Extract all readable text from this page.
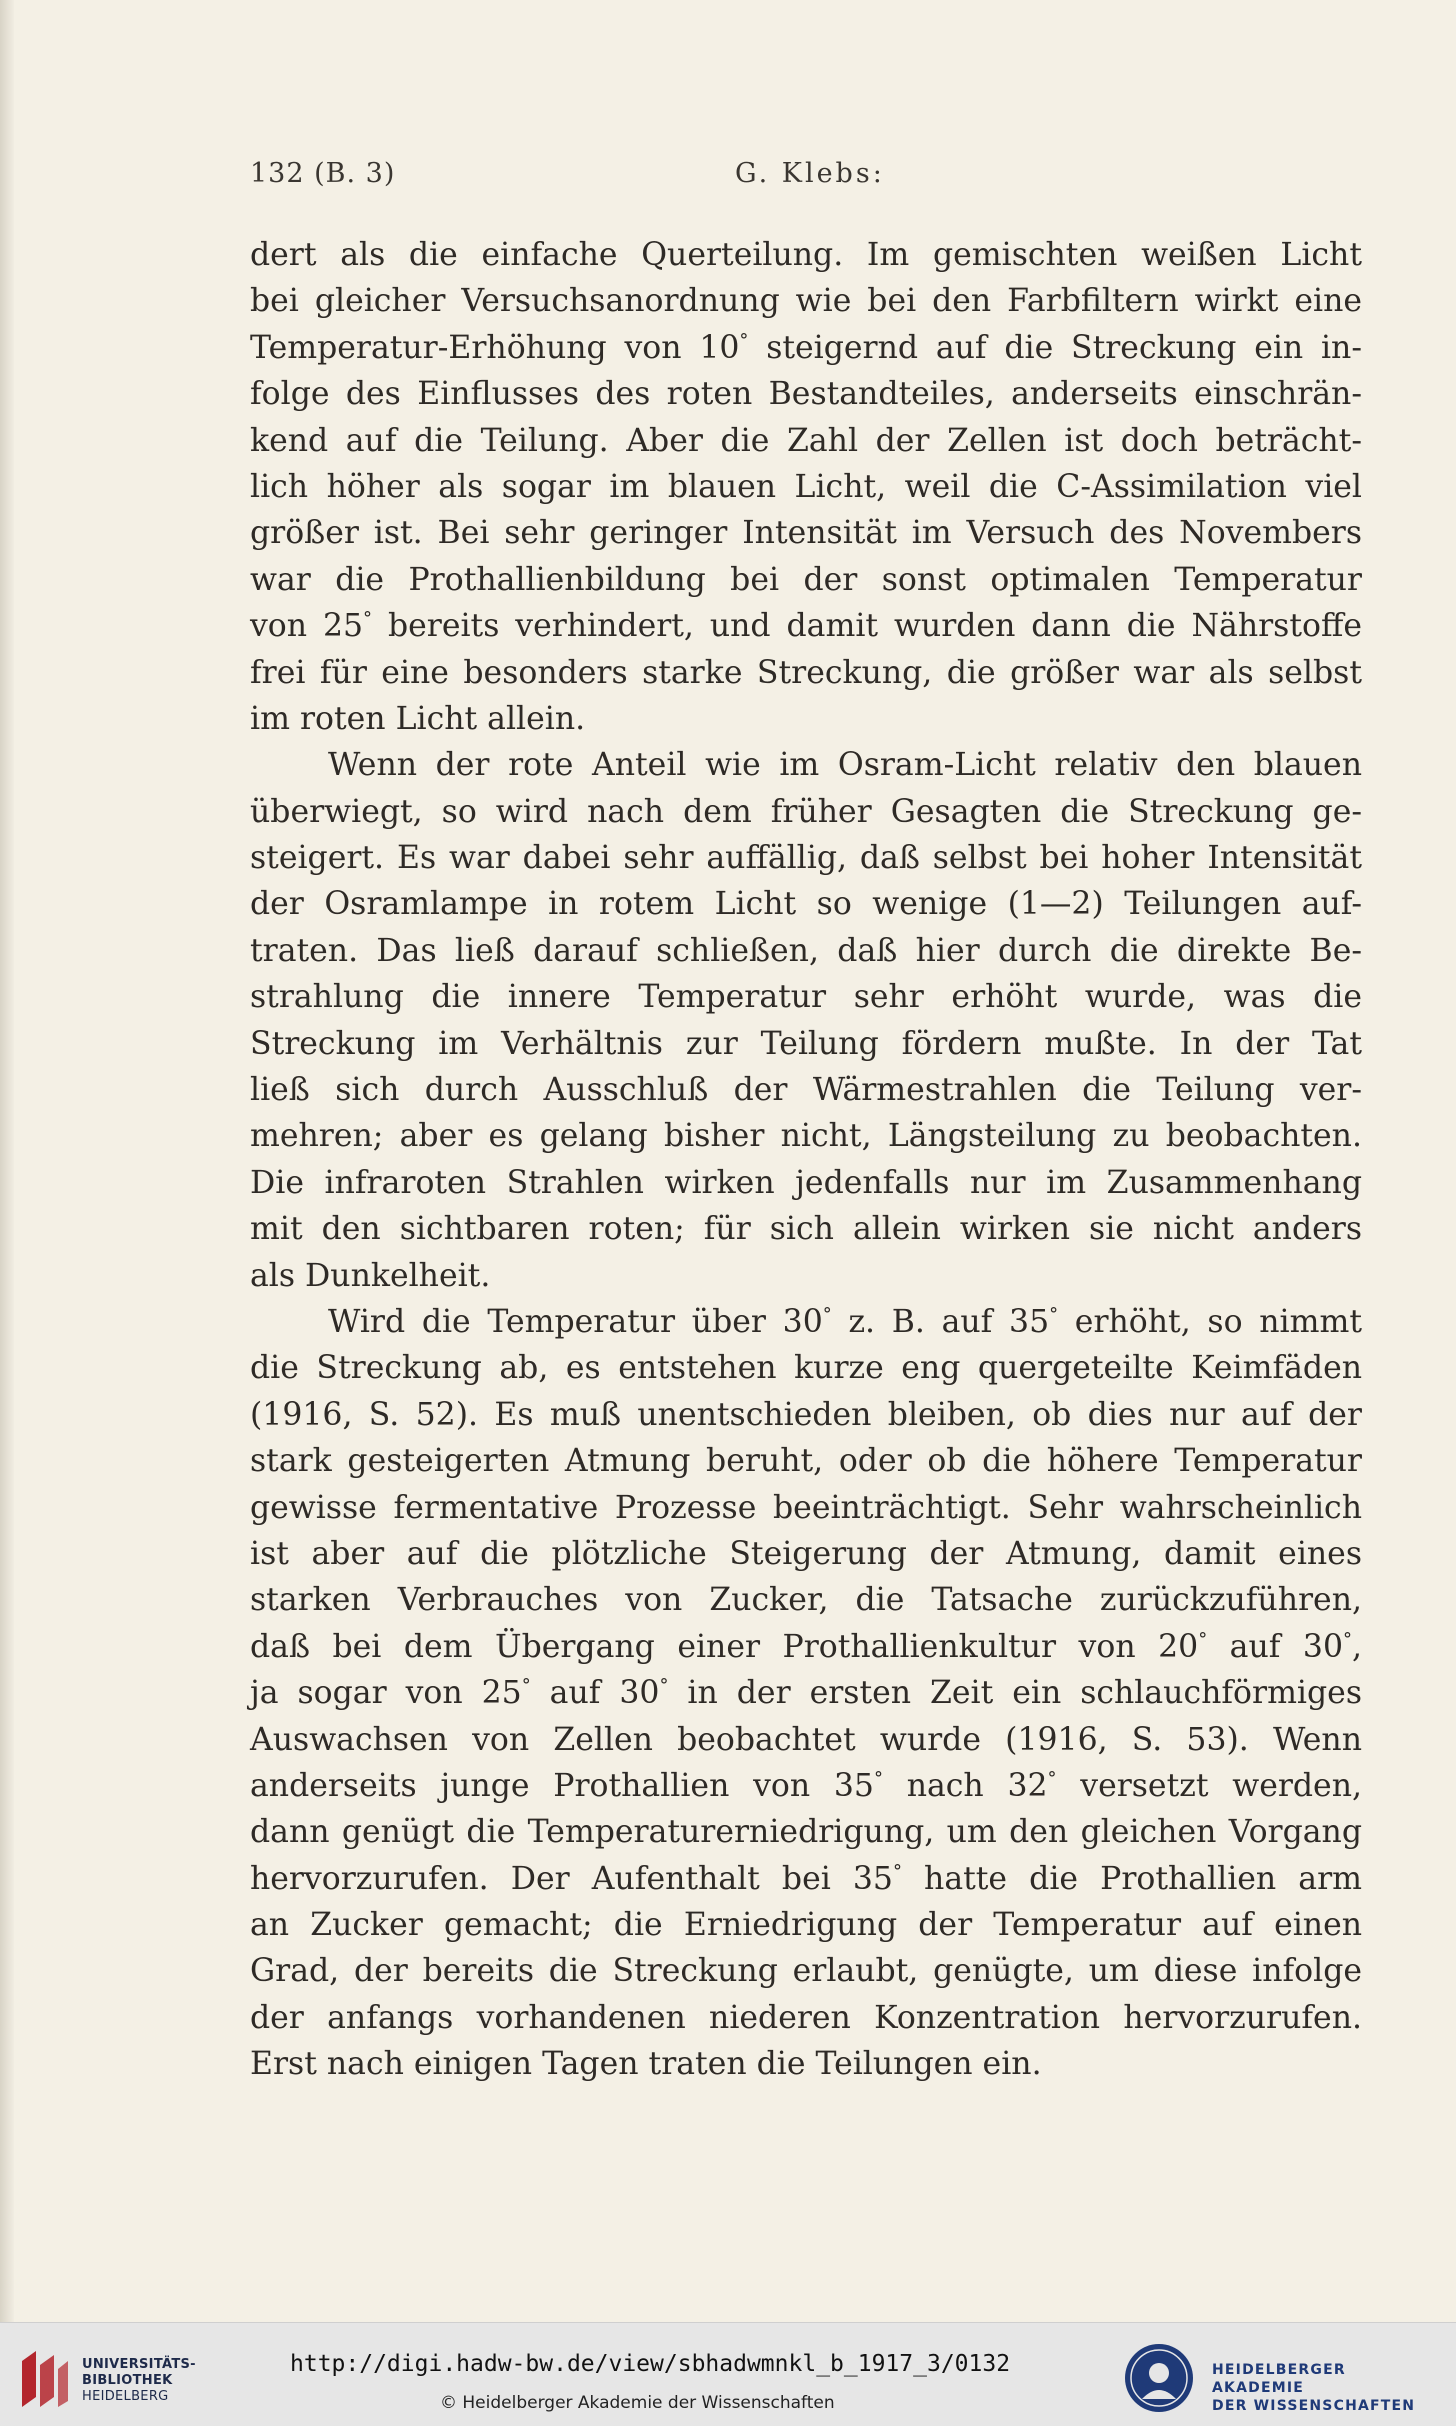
132 (B. 3)	G. Klebs:
dert als die einfache Querteilung. Im gemischten weißen Licht
bei gleicher Versuchsanordnung wie bei den Farbfiltern wirkt eine
Temperatur-Erhöhung von 10° steigernd auf die Streckung ein in-
folge des Einflusses des roten Bestandteiles, anderseits einschrän-
kend auf die Teilung. Aber die Zahl der Zellen ist doch beträcht-
lich höher als sogar im blauen Licht, weil die C-Assimilation viel
größer ist. Bei sehr geringer Intensität im Versuch des Novembers
war die Prothallienbildung bei der sonst optimalen Temperatur
von 25° bereits verhindert, und damit wurden dann die Nährstoffe
frei für eine besonders starke Streckung, die größer war als selbst
im roten Licht allein.
Wenn der rote Anteil wie im Osram-Licht relativ den blauen
überwiegt, so wird nach dem früher Gesagten die Streckung ge-
steigert. Es war dabei sehr auffällig, daß selbst bei hoher Intensität
der Osramlampe in rotem Licht so wenige (1—2) Teilungen auf-
traten. Das ließ darauf schließen, daß hier durch die direkte Be-
strahlung die innere Temperatur sehr erhöht wurde, was die
Streckung im Verhältnis zur Teilung fördern mußte. In der Tat
ließ sich durch Ausschluß der Wärmestrahlen die Teilung ver-
mehren; aber es gelang bisher nicht, Längsteilung zu beobachten.
Die infraroten Strahlen wirken jedenfalls nur im Zusammenhang
mit den sichtbaren roten; für sich allein wirken sie nicht anders
als Dunkelheit.
Wird die Temperatur über 30° z. B. auf 35° erhöht, so nimmt
die Streckung ab, es entstehen kurze eng quergeteilte Keimfäden
(1916, S. 52). Es muß unentschieden bleiben, ob dies nur auf der
stark gesteigerten Atmung beruht, oder ob die höhere Temperatur
gewisse fermentative Prozesse beeinträchtigt. Sehr wahrscheinlich
ist aber auf die plötzliche Steigerung der Atmung, damit eines
starken Verbrauches von Zucker, die Tatsache zurückzuführen,
daß bei dem Übergang einer Prothallienkultur von 20° auf 30°,
ja sogar von 25° auf 30° in der ersten Zeit ein schlauchförmiges
Auswachsen von Zellen beobachtet wurde (1916, S. 53). Wenn
anderseits junge Prothallien von 35° nach 32° versetzt werden,
dann genügt die Temperaturerniedrigung, um den gleichen Vorgang
hervorzurufen. Der Aufenthalt bei 35° hatte die Prothallien arm
an Zucker gemacht; die Erniedrigung der Temperatur auf einen
Grad, der bereits die Streckung erlaubt, genügte, um diese infolge
der anfangs vorhandenen niederen Konzentration hervorzurufen.
Erst nach einigen Tagen traten die Teilungen ein.
UNIVERSITÄTS-
BIBLIOTHEK
HEIDELBERG
http://digi.hadw-bw.de/view/sbhadwmnkl_b_1917_3/0132
© Heidelberger Akademie der Wissenschaften
HEIDELBERGER AKADEMIE
DER WISSENSCHAFTEN
